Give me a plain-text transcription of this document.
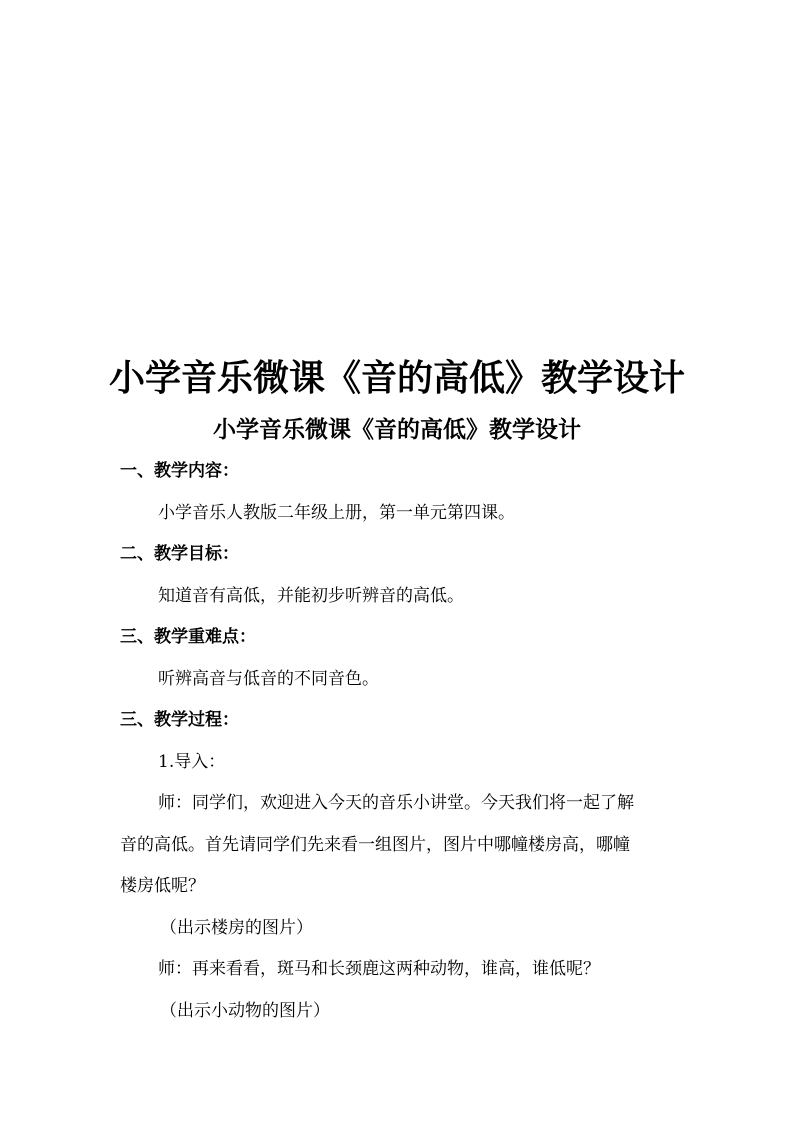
小学音乐微课《音的高低》教学设计
小学音乐微课《音的高低》教学设计
一、教学内容：
小学音乐人教版二年级上册，第一单元第四课。
二、教学目标：
知道音有高低，并能初步听辨音的高低。
三、教学重难点：
听辨高音与低音的不同音色。
三、教学过程：
1.导入：
师：同学们，欢迎进入今天的音乐小讲堂。今天我们将一起了解
音的高低。首先请同学们先来看一组图片，图片中哪幢楼房高，哪幢
楼房低呢？
（出示楼房的图片）
师：再来看看，斑马和长颈鹿这两种动物，谁高，谁低呢？
（出示小动物的图片）
